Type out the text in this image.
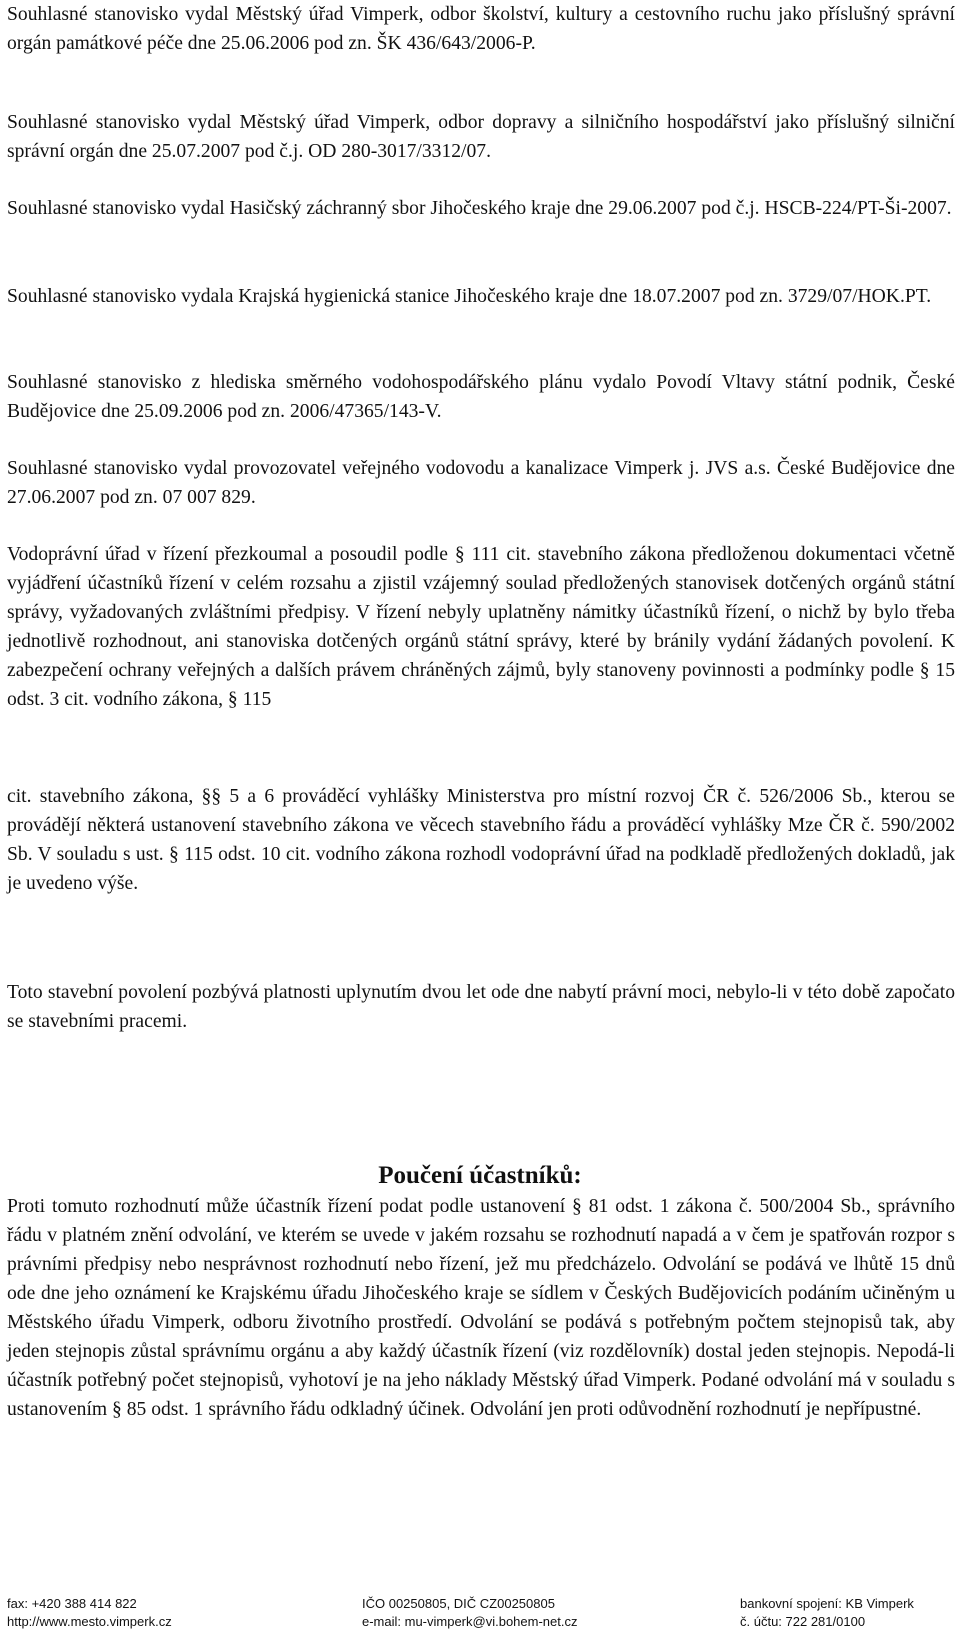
Souhlasné stanovisko vydal Městský úřad Vimperk, odbor školství, kultury a cestovního ruchu jako příslušný správní orgán památkové péče dne 25.06.2006 pod zn. ŠK 436/643/2006-P.

Souhlasné stanovisko vydal Městský úřad Vimperk, odbor dopravy a silničního hospodářství jako příslušný silniční správní orgán dne 25.07.2007 pod č.j. OD 280-3017/3312/07.

Souhlasné stanovisko vydal Hasičský záchranný sbor Jihočeského kraje dne 29.06.2007 pod č.j. HSCB-224/PT-Ši-2007.

Souhlasné stanovisko vydala Krajská hygienická stanice Jihočeského kraje dne 18.07.2007 pod zn. 3729/07/HOK.PT.

Souhlasné stanovisko z hlediska směrného vodohospodářského plánu vydalo Povodí Vltavy státní podnik, České Budějovice dne 25.09.2006 pod zn. 2006/47365/143-V.

Souhlasné stanovisko vydal provozovatel veřejného vodovodu a kanalizace Vimperk j. JVS a.s. České Budějovice dne 27.06.2007 pod zn. 07 007 829.

Vodoprávní úřad v řízení přezkoumal a posoudil podle § 111 cit. stavebního zákona předloženou dokumentaci včetně vyjádření účastníků řízení v celém rozsahu a zjistil vzájemný soulad předložených stanovisek dotčených orgánů státní správy, vyžadovaných zvláštními předpisy. V řízení nebyly uplatněny námitky účastníků řízení, o nichž by bylo třeba jednotlivě rozhodnout, ani stanoviska dotčených orgánů státní správy, které by bránily vydání žádaných povolení. K zabezpečení ochrany veřejných a dalších právem chráněných zájmů, byly stanoveny povinnosti a podmínky podle § 15 odst. 3 cit. vodního zákona, § 115

cit. stavebního zákona, §§ 5 a 6 prováděcí vyhlášky Ministerstva pro místní rozvoj ČR č. 526/2006 Sb., kterou se provádějí některá ustanovení stavebního zákona ve věcech stavebního řádu a prováděcí vyhlášky Mze ČR č. 590/2002 Sb. V souladu s ust. § 115 odst. 10 cit. vodního zákona rozhodl vodoprávní úřad na podkladě předložených dokladů, jak je uvedeno výše.

Toto stavební povolení pozbývá platnosti uplynutím dvou let ode dne nabytí právní moci, nebylo-li v této době započato se stavebními pracemi.

Poučení účastníků:

Proti tomuto rozhodnutí může účastník řízení podat podle ustanovení § 81 odst. 1 zákona č. 500/2004 Sb., správního řádu v platném znění odvolání, ve kterém se uvede v jakém rozsahu se rozhodnutí napadá a v čem je spatřován rozpor s právními předpisy nebo nesprávnost rozhodnutí nebo řízení, jež mu předcházelo. Odvolání se podává ve lhůtě 15 dnů ode dne jeho oznámení ke Krajskému úřadu Jihočeského kraje se sídlem v Českých Budějovicích podáním učiněným u Městského úřadu Vimperk, odboru životního prostředí. Odvolání se podává s potřebným počtem stejnopisů tak, aby jeden stejnopis zůstal správnímu orgánu a aby každý účastník řízení (viz rozdělovník) dostal jeden stejnopis. Nepodá-li účastník potřebný počet stejnopisů, vyhotoví je na jeho náklady Městský úřad Vimperk. Podané odvolání má v souladu s ustanovením § 85 odst. 1 správního řádu odkladný účinek. Odvolání jen proti odůvodnění rozhodnutí je nepřípustné.

fax: +420 388 414 822
http://www.mesto.vimperk.cz
IČO 00250805, DIČ CZ00250805
e-mail: mu-vimperk@vi.bohem-net.cz
bankovní spojení: KB Vimperk
č. účtu: 722 281/0100
